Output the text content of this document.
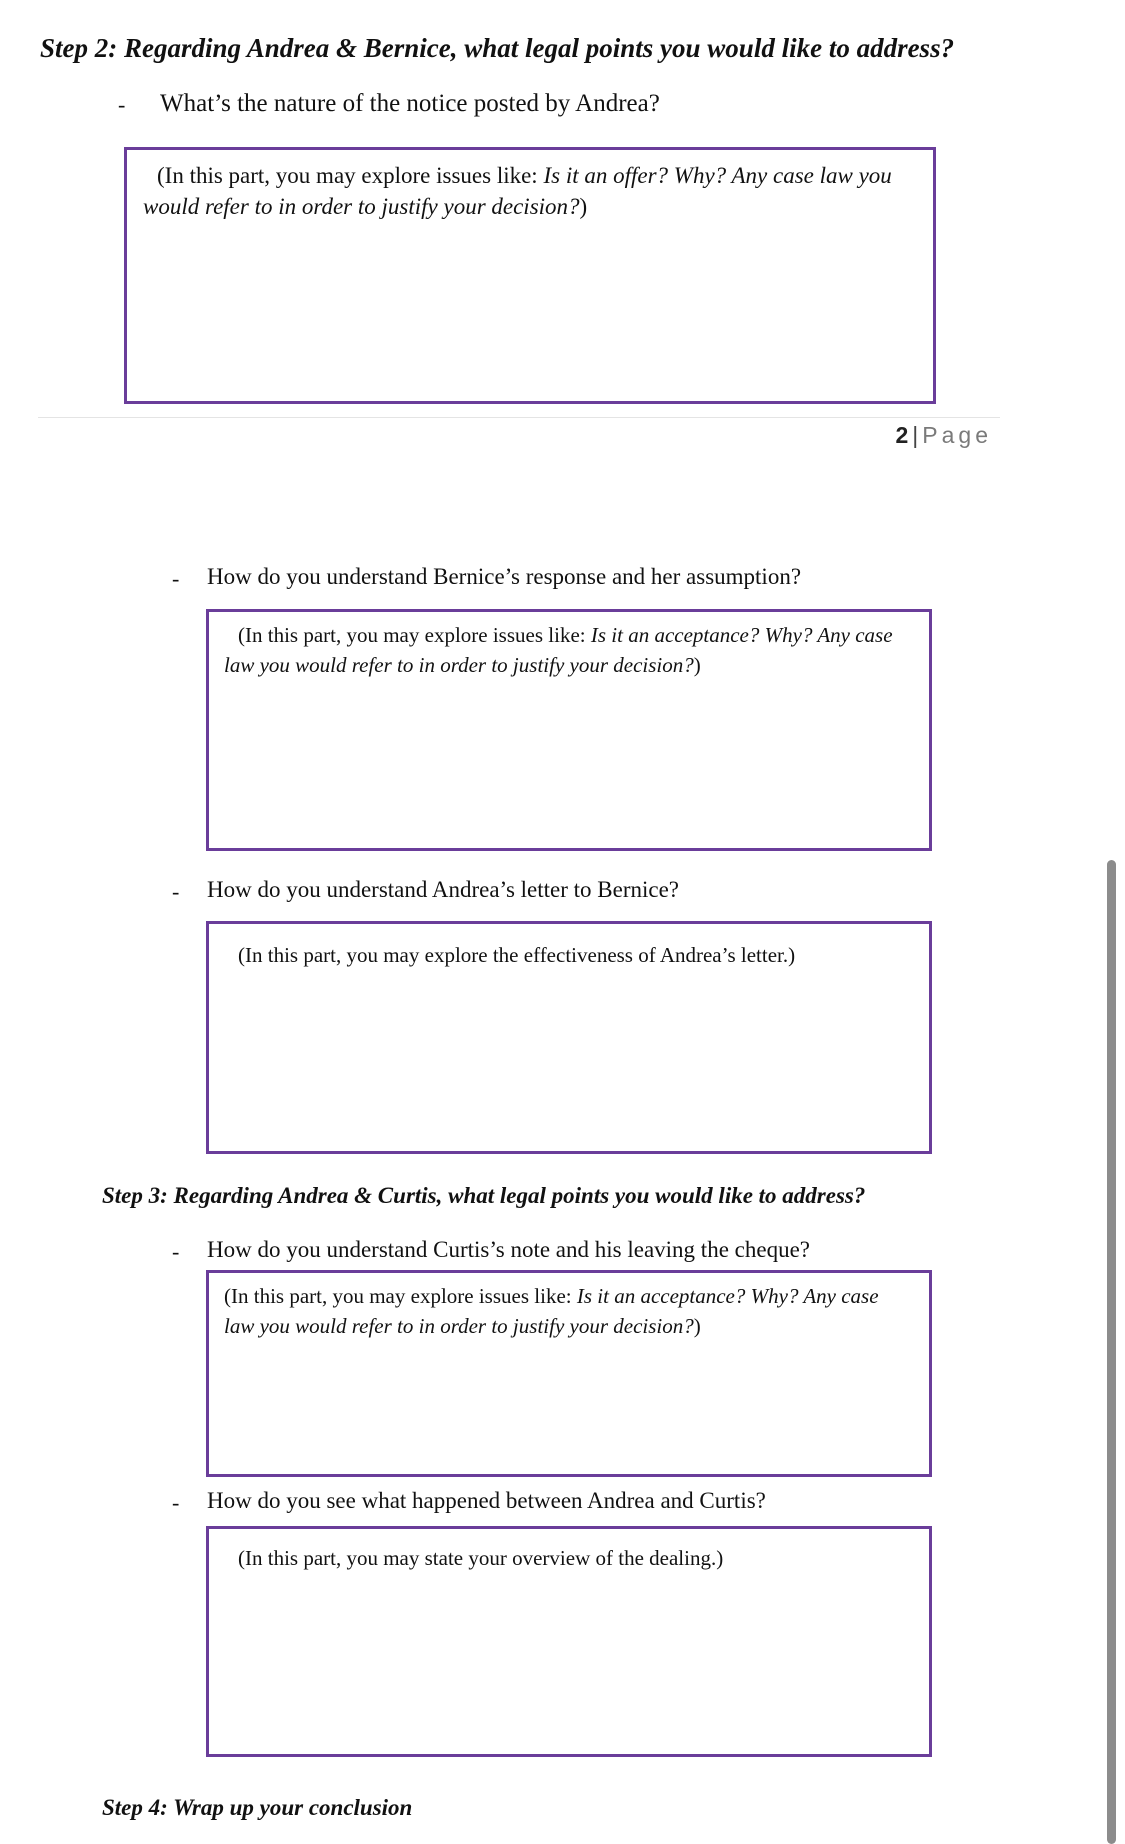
Step 2: Regarding Andrea & Bernice, what legal points you would like to address?
- What’s the nature of the notice posted by Andrea?
(In this part, you may explore issues like: Is it an offer? Why? Any case law you
would refer to in order to justify your decision?)
2 | Page
- How do you understand Bernice’s response and her assumption?
(In this part, you may explore issues like: Is it an acceptance? Why? Any case
law you would refer to in order to justify your decision?)
- How do you understand Andrea’s letter to Bernice?
(In this part, you may explore the effectiveness of Andrea’s letter.)
Step 3: Regarding Andrea & Curtis, what legal points you would like to address?
- How do you understand Curtis’s note and his leaving the cheque?
(In this part, you may explore issues like: Is it an acceptance? Why? Any case
law you would refer to in order to justify your decision?)
- How do you see what happened between Andrea and Curtis?
(In this part, you may state your overview of the dealing.)
Step 4: Wrap up your conclusion
